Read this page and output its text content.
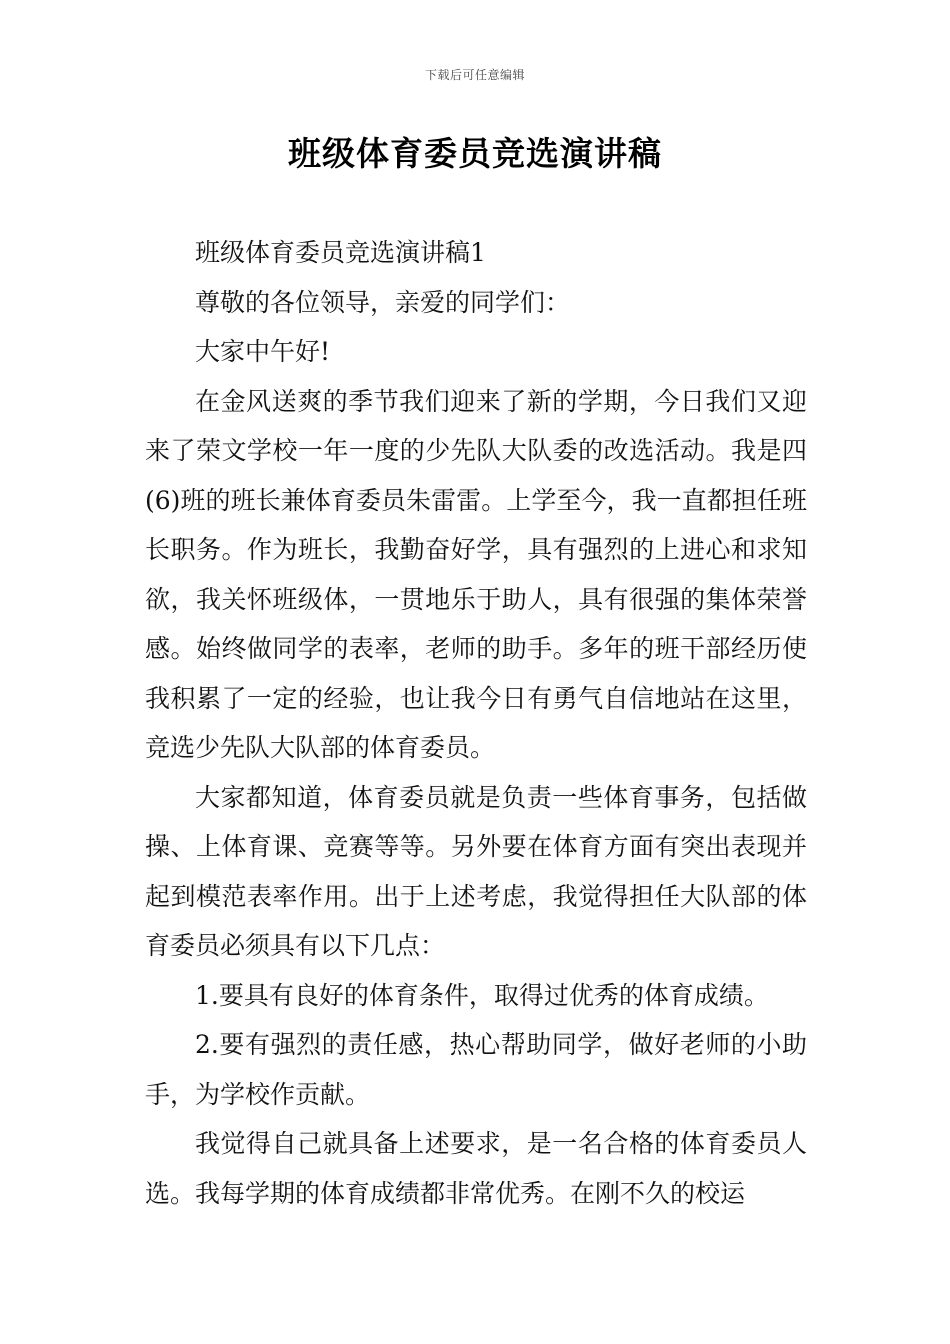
下载后可任意编辑
班级体育委员竞选演讲稿

班级体育委员竞选演讲稿1

尊敬的各位领导，亲爱的同学们：

大家中午好!

在金风送爽的季节我们迎来了新的学期，今日我们又迎来了荣文学校一年一度的少先队大队委的改选活动。我是四(6)班的班长兼体育委员朱雷雷。上学至今，我一直都担任班长职务。作为班长，我勤奋好学，具有强烈的上进心和求知欲，我关怀班级体，一贯地乐于助人，具有很强的集体荣誉感。始终做同学的表率，老师的助手。多年的班干部经历使我积累了一定的经验，也让我今日有勇气自信地站在这里，竞选少先队大队部的体育委员。

大家都知道，体育委员就是负责一些体育事务，包括做操、上体育课、竞赛等等。另外要在体育方面有突出表现并起到模范表率作用。出于上述考虑，我觉得担任大队部的体育委员必须具有以下几点：

1.要具有良好的体育条件，取得过优秀的体育成绩。

2.要有强烈的责任感，热心帮助同学，做好老师的小助手，为学校作贡献。

我觉得自己就具备上述要求，是一名合格的体育委员人选。我每学期的体育成绩都非常优秀。在刚不久的校运
